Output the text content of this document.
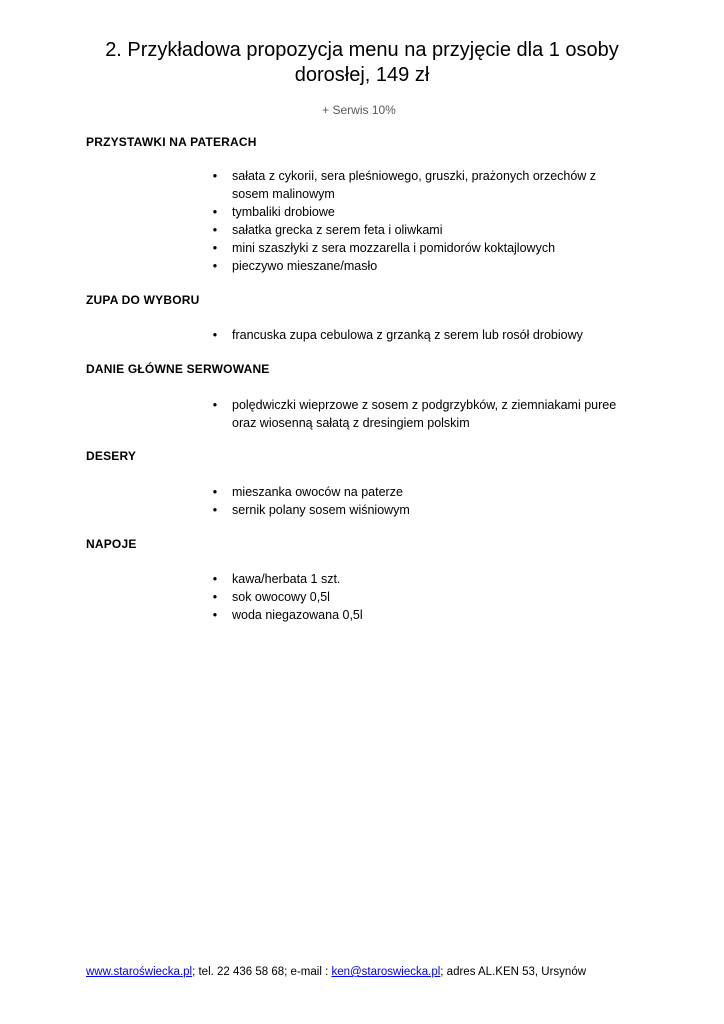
2. Przykładowa propozycja menu na przyjęcie dla 1 osoby dorosłej, 149 zł
+ Serwis 10%
PRZYSTAWKI NA PATERACH
• sałata z cykorii, sera pleśniowego, gruszki, prażonych orzechów z sosem malinowym
• tymbaliki drobiowe
• sałatka grecka z serem feta i oliwkami
• mini szaszłyki z sera mozzarella i pomidorów koktajlowych
• pieczywo mieszane/masło
ZUPA DO WYBORU
• francuska zupa cebulowa z grzanką z serem lub rosół drobiowy
DANIE GŁÓWNE SERWOWANE
• polędwiczki wieprzowe z sosem z podgrzybków, z ziemniakami puree oraz wiosenną sałatą z dresingiem polskim
DESERY
• mieszanka owoców na paterze
• sernik polany sosem wiśniowym
NAPOJE
• kawa/herbata 1 szt.
• sok owocowy 0,5l
• woda niegazowana 0,5l
www.staroświecka.pl; tel. 22 436 58 68; e-mail : ken@staroswiecka.pl; adres AL.KEN 53, Ursynów
